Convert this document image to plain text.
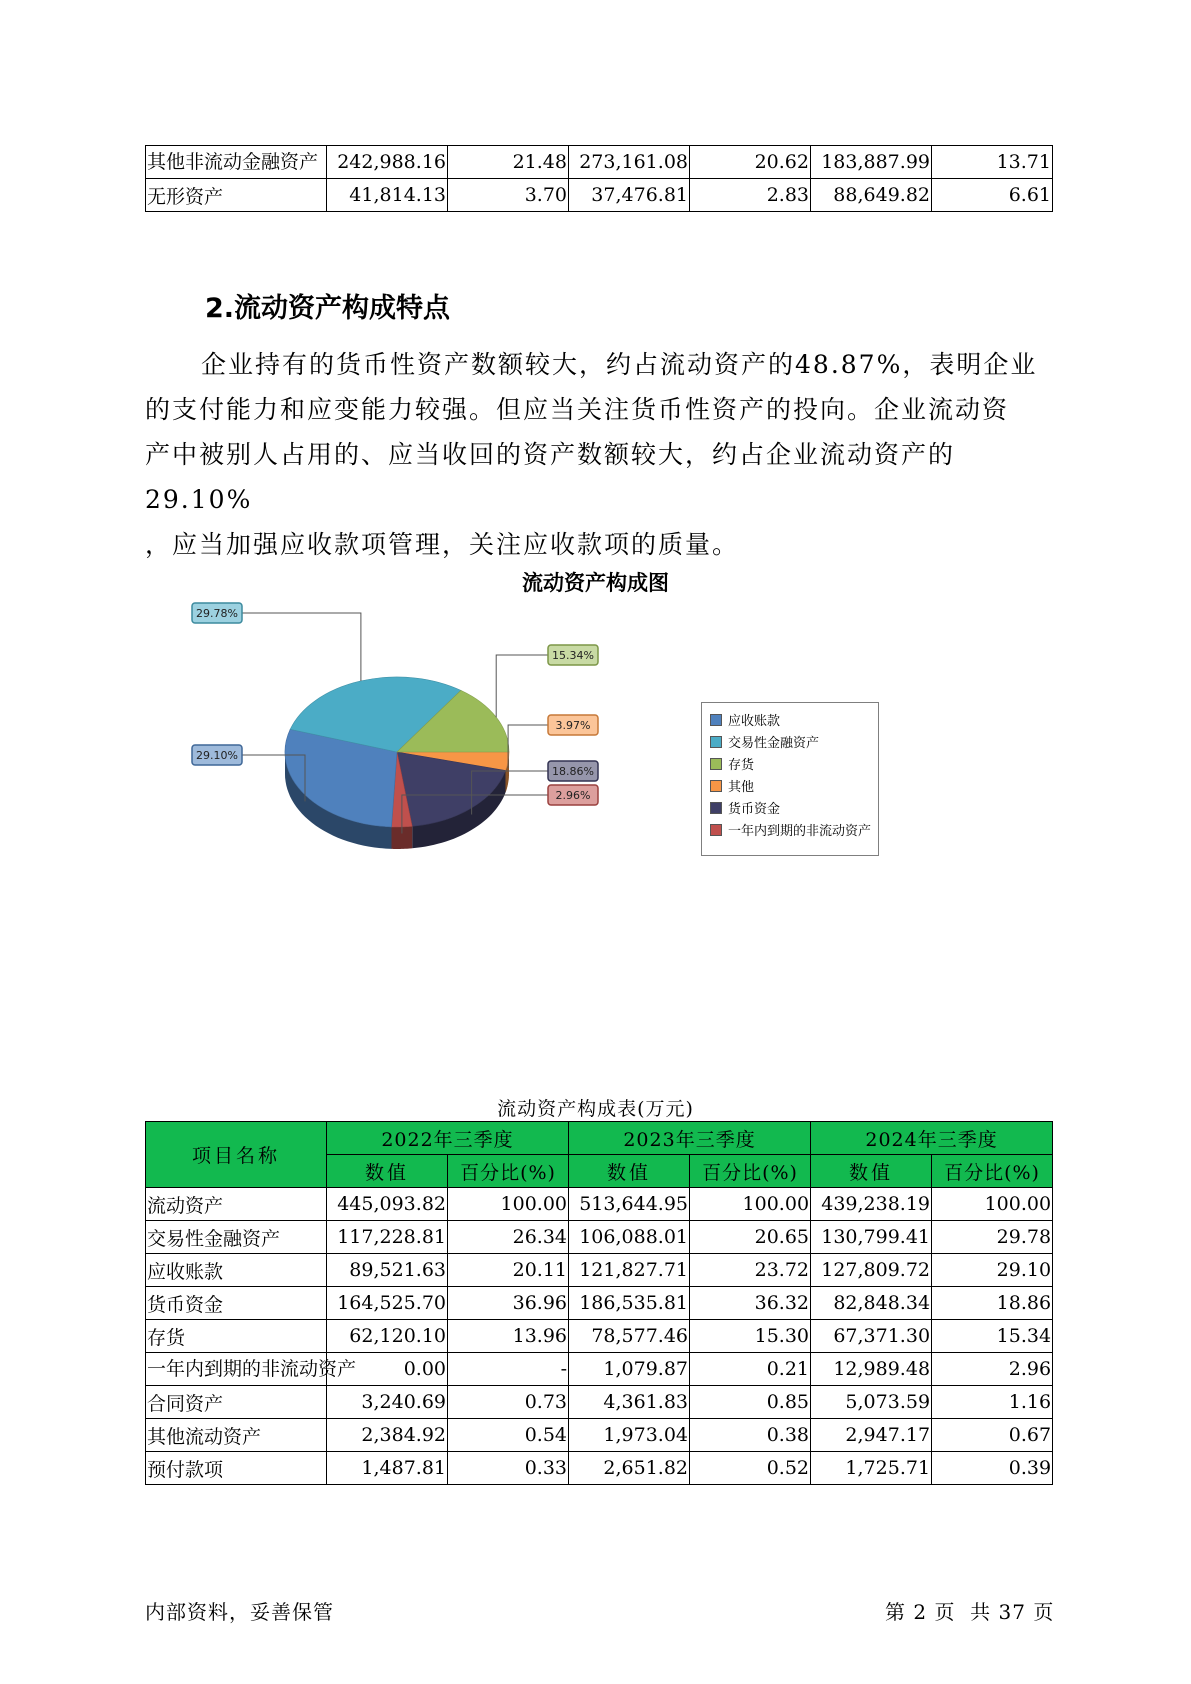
其他非流动金融资产	242,988.16	21.48	273,161.08	20.62	183,887.99	13.71
无形资产	41,814.13	3.70	37,476.81	2.83	88,649.82	6.61
2.流动资产构成特点

企业持有的货币性资产数额较大，约占流动资产的48.87%，表明企业

的支付能力和应变能力较强。但应当关注货币性资产的投向。企业流动资

产中被别人占用的、应当收回的资产数额较大，约占企业流动资产的29.10%

，应当加强应收款项管理，关注应收款项的质量。

流动资产构成图
3.97%
18.86%
2.96%
29.10%
29.78%
15.34%
应收账款
交易性金融资产
存货
其他
货币资金
一年内到期的非流动资产
流动资产构成表(万元)
项目名称	2022年三季度		2023年三季度		2024年三季度	
	数值	百分比(%)	数值	百分比(%)	数值	百分比(%)
流动资产	445,093.82	100.00	513,644.95	100.00	439,238.19	100.00
交易性金融资产	117,228.81	26.34	106,088.01	20.65	130,799.41	29.78
应收账款	89,521.63	20.11	121,827.71	23.72	127,809.72	29.10
货币资金	164,525.70	36.96	186,535.81	36.32	82,848.34	18.86
存货	62,120.10	13.96	78,577.46	15.30	67,371.30	15.34
一年内到期的非流动资产	0.00	-	1,079.87	0.21	12,989.48	2.96
合同资产	3,240.69	0.73	4,361.83	0.85	5,073.59	1.16
其他流动资产	2,384.92	0.54	1,973.04	0.38	2,947.17	0.67
预付款项	1,487.81	0.33	2,651.82	0.52	1,725.71	0.39
内部资料，妥善保管	第 2 页  共 37 页
